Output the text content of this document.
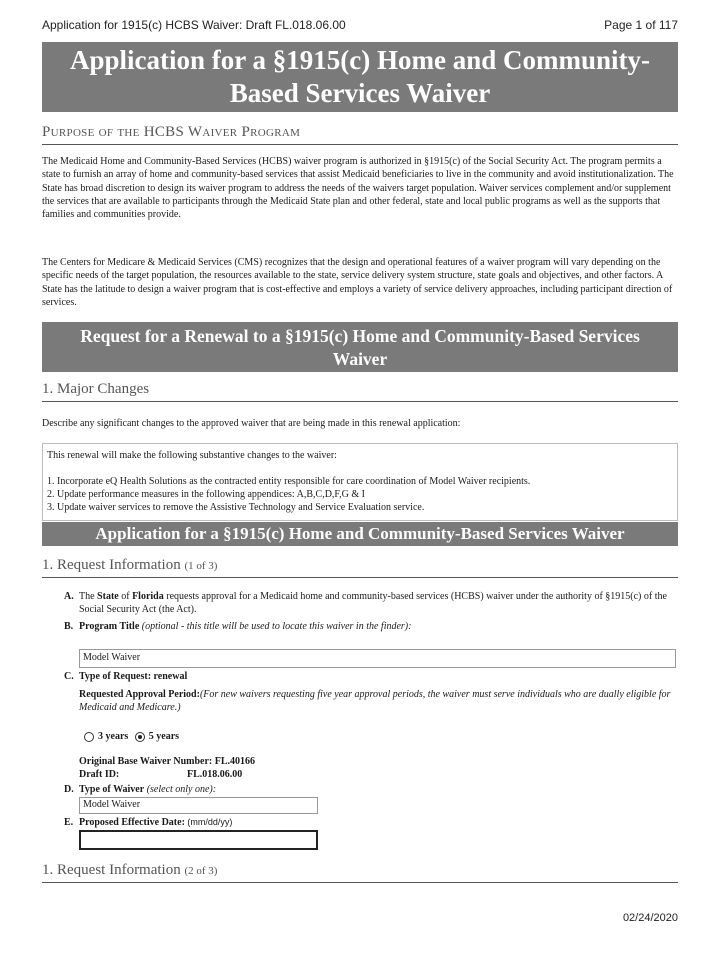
Application for 1915(c) HCBS Waiver: Draft FL.018.06.00	Page 1 of 117
Application for a §1915(c) Home and Community-
Based Services Waiver
Purpose of the HCBS Waiver Program
The Medicaid Home and Community-Based Services (HCBS) waiver program is authorized in §1915(c) of the Social Security Act. The program permits a state to furnish an array of home and community-based services that assist Medicaid beneficiaries to live in the community and avoid institutionalization. The State has broad discretion to design its waiver program to address the needs of the waivers target population. Waiver services complement and/or supplement the services that are available to participants through the Medicaid State plan and other federal, state and local public programs as well as the supports that families and communities provide.
The Centers for Medicare & Medicaid Services (CMS) recognizes that the design and operational features of a waiver program will vary depending on the specific needs of the target population, the resources available to the state, service delivery system structure, state goals and objectives, and other factors. A State has the latitude to design a waiver program that is cost-effective and employs a variety of service delivery approaches, including participant direction of services.
Request for a Renewal to a §1915(c) Home and Community-Based Services
Waiver
1. Major Changes
Describe any significant changes to the approved waiver that are being made in this renewal application:
This renewal will make the following substantive changes to the waiver:
1. Incorporate eQ Health Solutions as the contracted entity responsible for care coordination of Model Waiver recipients.
2. Update performance measures in the following appendices: A,B,C,D,F,G & I
3. Update waiver services to remove the Assistive Technology and Service Evaluation service.
Application for a §1915(c) Home and Community-Based Services Waiver
1. Request Information (1 of 3)
A. The State of Florida requests approval for a Medicaid home and community-based services (HCBS) waiver under the authority of §1915(c) of the Social Security Act (the Act).
B. Program Title (optional - this title will be used to locate this waiver in the finder):
Model Waiver
C. Type of Request: renewal
Requested Approval Period:(For new waivers requesting five year approval periods, the waiver must serve individuals who are dually eligible for Medicaid and Medicare.)
3 years 5 years
Original Base Waiver Number: FL.40166
Draft ID:	FL.018.06.00
D. Type of Waiver (select only one):
Model Waiver
E. Proposed Effective Date: (mm/dd/yy)
1. Request Information (2 of 3)
02/24/2020
